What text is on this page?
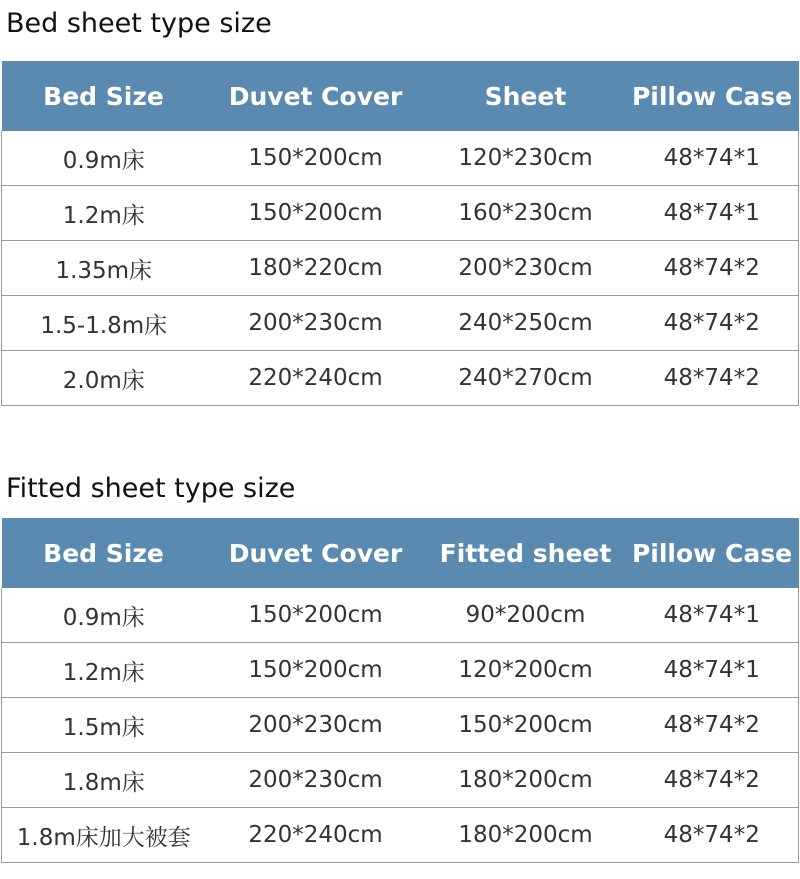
Bed sheet type size
Bed Size	Duvet Cover	Sheet	Pillow Case
0.9m床	150*200cm	120*230cm	48*74*1
1.2m床	150*200cm	160*230cm	48*74*1
1.35m床	180*220cm	200*230cm	48*74*2
1.5-1.8m床	200*230cm	240*250cm	48*74*2
2.0m床	220*240cm	240*270cm	48*74*2
Fitted sheet type size
Bed Size	Duvet Cover	Fitted sheet	Pillow Case
0.9m床	150*200cm	90*200cm	48*74*1
1.2m床	150*200cm	120*200cm	48*74*1
1.5m床	200*230cm	150*200cm	48*74*2
1.8m床	200*230cm	180*200cm	48*74*2
1.8m床加大被套	220*240cm	180*200cm	48*74*2
